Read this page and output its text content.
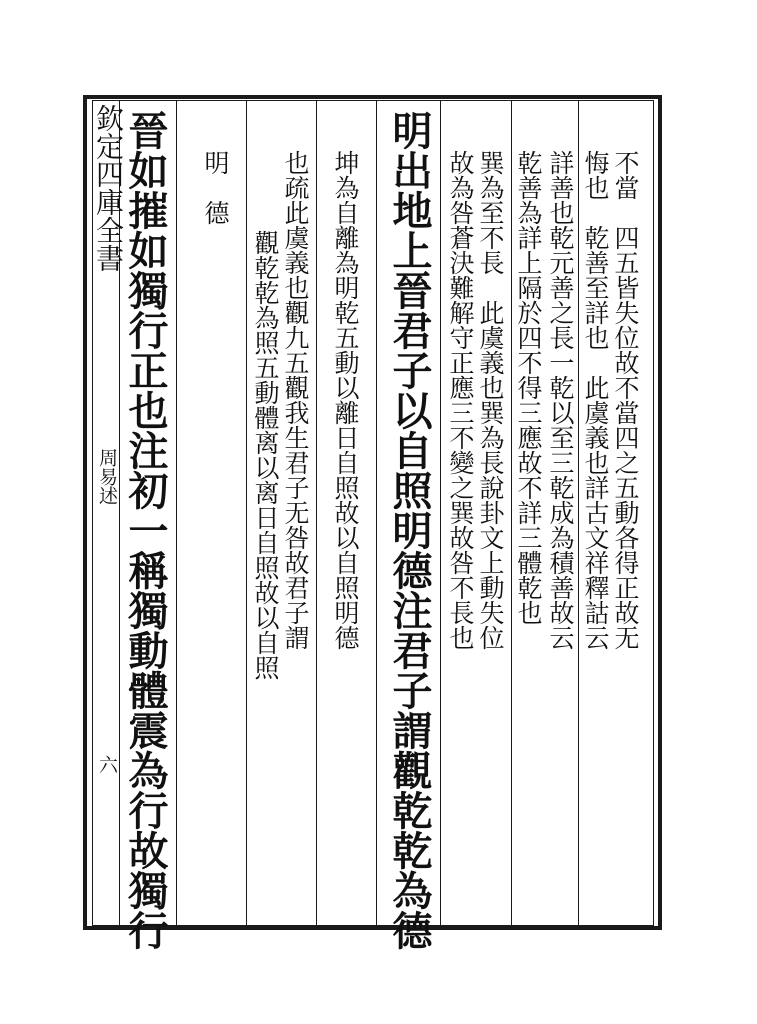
欽定四庫全書
周易述
六
不當　四五皆失位故不當四之五動各得正故无
悔也　乾善至詳也　此虞義也詳古文祥釋詁云
詳善也乾元善之長一乾以至三乾成為積善故云
乾善為詳上隔於四不得三應故不詳三體乾也
巽為至不長　此虞義也巽為長說卦文上動失位
故為咎蒼決難解守正應三不變之巽故咎不長也
明出地上晉君子以自照明德注君子謂觀乾乾為德
坤為自離為明乾五動以離日自照故以自照明德
也疏此虞義也觀九五觀我生君子无咎故君子謂
觀乾乾為照五動體离以离日自照故以自照
明　德
晉如摧如獨行正也注初一稱獨動體震為行故獨行
